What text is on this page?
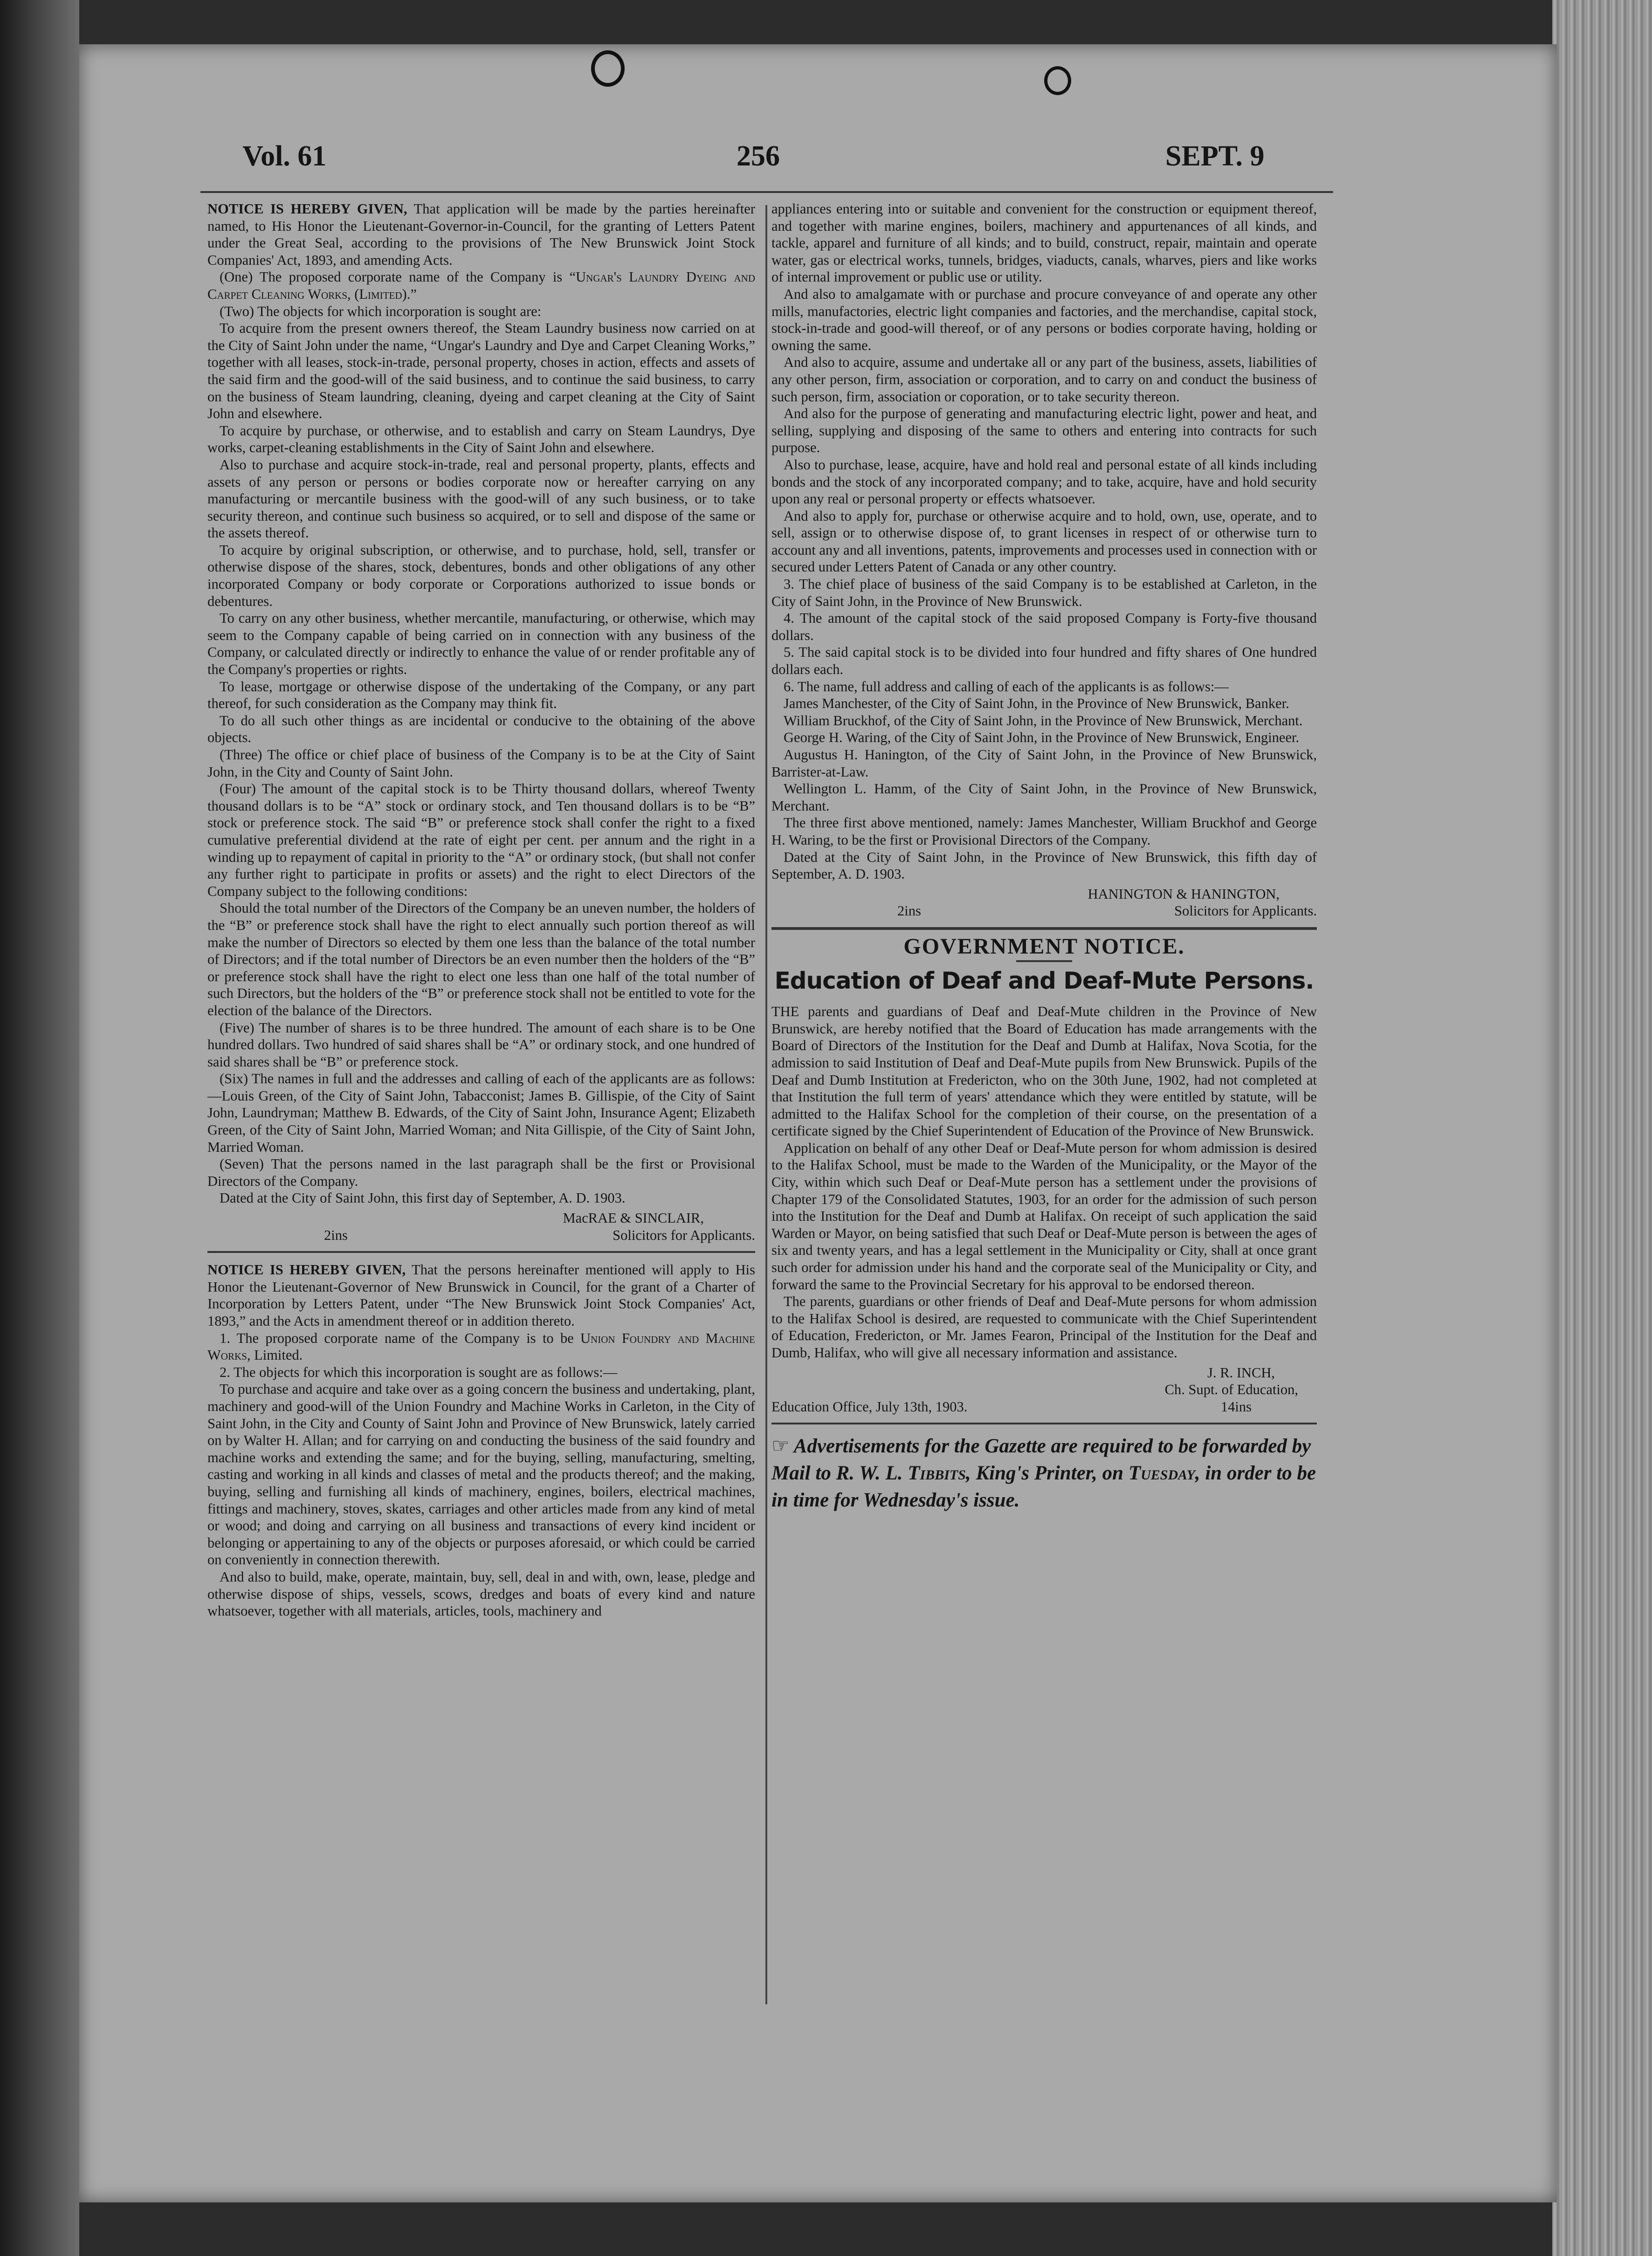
Vol. 61	256	SEPT. 9

NOTICE IS HEREBY GIVEN, That application will be made by the parties hereinafter named, to His Honor the Lieutenant-Governor-in-Council, for the granting of Letters Patent under the Great Seal, according to the provisions of The New Brunswick Joint Stock Companies' Act, 1893, and amending Acts.

(One) The proposed corporate name of the Company is “Ungar's Laundry Dyeing and Carpet Cleaning Works, (Limited).”

(Two) The objects for which incorporation is sought are:

To acquire from the present owners thereof, the Steam Laundry business now carried on at the City of Saint John under the name, “Ungar's Laundry and Dye and Carpet Cleaning Works,” together with all leases, stock-in-trade, personal property, choses in action, effects and assets of the said firm and the good-will of the said business, and to continue the said business, to carry on the business of Steam laundring, cleaning, dyeing and carpet cleaning at the City of Saint John and elsewhere.

To acquire by purchase, or otherwise, and to establish and carry on Steam Laundrys, Dye works, carpet-cleaning establishments in the City of Saint John and elsewhere.

Also to purchase and acquire stock-in-trade, real and personal property, plants, effects and assets of any person or persons or bodies corporate now or hereafter carrying on any manufacturing or mercantile business with the good-will of any such business, or to take security thereon, and continue such business so acquired, or to sell and dispose of the same or the assets thereof.

To acquire by original subscription, or otherwise, and to purchase, hold, sell, transfer or otherwise dispose of the shares, stock, debentures, bonds and other obligations of any other incorporated Company or body corporate or Corporations authorized to issue bonds or debentures.

To carry on any other business, whether mercantile, manufacturing, or otherwise, which may seem to the Company capable of being carried on in connection with any business of the Company, or calculated directly or indirectly to enhance the value of or render profitable any of the Company's properties or rights.

To lease, mortgage or otherwise dispose of the undertaking of the Company, or any part thereof, for such consideration as the Company may think fit.

To do all such other things as are incidental or conducive to the obtaining of the above objects.

(Three) The office or chief place of business of the Company is to be at the City of Saint John, in the City and County of Saint John.

(Four) The amount of the capital stock is to be Thirty thousand dollars, whereof Twenty thousand dollars is to be “A” stock or ordinary stock, and Ten thousand dollars is to be “B” stock or preference stock. The said “B” or preference stock shall confer the right to a fixed cumulative preferential dividend at the rate of eight per cent. per annum and the right in a winding up to repayment of capital in priority to the “A” or ordinary stock, (but shall not confer any further right to participate in profits or assets) and the right to elect Directors of the Company subject to the following conditions:

Should the total number of the Directors of the Company be an uneven number, the holders of the “B” or preference stock shall have the right to elect annually such portion thereof as will make the number of Directors so elected by them one less than the balance of the total number of Directors; and if the total number of Directors be an even number then the holders of the “B” or preference stock shall have the right to elect one less than one half of the total number of such Directors, but the holders of the “B” or preference stock shall not be entitled to vote for the election of the balance of the Directors.

(Five) The number of shares is to be three hundred. The amount of each share is to be One hundred dollars. Two hundred of said shares shall be “A” or ordinary stock, and one hundred of said shares shall be “B” or preference stock.

(Six) The names in full and the addresses and calling of each of the applicants are as follows:—Louis Green, of the City of Saint John, Tabacconist; James B. Gillispie, of the City of Saint John, Laundryman; Matthew B. Edwards, of the City of Saint John, Insurance Agent; Elizabeth Green, of the City of Saint John, Married Woman; and Nita Gillispie, of the City of Saint John, Married Woman.

(Seven) That the persons named in the last paragraph shall be the first or Provisional Directors of the Company.

Dated at the City of Saint John, this first day of September, A. D. 1903.

MacRAE & SINCLAIR,

2ins	Solicitors for Applicants.

NOTICE IS HEREBY GIVEN, That the persons hereinafter mentioned will apply to His Honor the Lieutenant-Governor of New Brunswick in Council, for the grant of a Charter of Incorporation by Letters Patent, under “The New Brunswick Joint Stock Companies' Act, 1893,” and the Acts in amendment thereof or in addition thereto.

1. The proposed corporate name of the Company is to be Union Foundry and Machine Works, Limited.

2. The objects for which this incorporation is sought are as follows:—

To purchase and acquire and take over as a going concern the business and undertaking, plant, machinery and good-will of the Union Foundry and Machine Works in Carleton, in the City of Saint John, in the City and County of Saint John and Province of New Brunswick, lately carried on by Walter H. Allan; and for carrying on and conducting the business of the said foundry and machine works and extending the same; and for the buying, selling, manufacturing, smelting, casting and working in all kinds and classes of metal and the products thereof; and the making, buying, selling and furnishing all kinds of machinery, engines, boilers, electrical machines, fittings and machinery, stoves, skates, carriages and other articles made from any kind of metal or wood; and doing and carrying on all business and transactions of every kind incident or belonging or appertaining to any of the objects or purposes aforesaid, or which could be carried on conveniently in connection therewith.

And also to build, make, operate, maintain, buy, sell, deal in and with, own, lease, pledge and otherwise dispose of ships, vessels, scows, dredges and boats of every kind and nature whatsoever, together with all materials, articles, tools, machinery and

appliances entering into or suitable and convenient for the construction or equipment thereof, and together with marine engines, boilers, machinery and appurtenances of all kinds, and tackle, apparel and furniture of all kinds; and to build, construct, repair, maintain and operate water, gas or electrical works, tunnels, bridges, viaducts, canals, wharves, piers and like works of internal improvement or public use or utility.

And also to amalgamate with or purchase and procure conveyance of and operate any other mills, manufactories, electric light companies and factories, and the merchandise, capital stock, stock-in-trade and good-will thereof, or of any persons or bodies corporate having, holding or owning the same.

And also to acquire, assume and undertake all or any part of the business, assets, liabilities of any other person, firm, association or corporation, and to carry on and conduct the business of such person, firm, association or coporation, or to take security thereon.

And also for the purpose of generating and manufacturing electric light, power and heat, and selling, supplying and disposing of the same to others and entering into contracts for such purpose.

Also to purchase, lease, acquire, have and hold real and personal estate of all kinds including bonds and the stock of any incorporated company; and to take, acquire, have and hold security upon any real or personal property or effects whatsoever.

And also to apply for, purchase or otherwise acquire and to hold, own, use, operate, and to sell, assign or to otherwise dispose of, to grant licenses in respect of or otherwise turn to account any and all inventions, patents, improvements and processes used in connection with or secured under Letters Patent of Canada or any other country.

3. The chief place of business of the said Company is to be established at Carleton, in the City of Saint John, in the Province of New Brunswick.

4. The amount of the capital stock of the said proposed Company is Forty-five thousand dollars.

5. The said capital stock is to be divided into four hundred and fifty shares of One hundred dollars each.

6. The name, full address and calling of each of the applicants is as follows:—

James Manchester, of the City of Saint John, in the Province of New Brunswick, Banker.

William Bruckhof, of the City of Saint John, in the Province of New Brunswick, Merchant.

George H. Waring, of the City of Saint John, in the Province of New Brunswick, Engineer.

Augustus H. Hanington, of the City of Saint John, in the Province of New Brunswick, Barrister-at-Law.

Wellington L. Hamm, of the City of Saint John, in the Province of New Brunswick, Merchant.

The three first above mentioned, namely: James Manchester, William Bruckhof and George H. Waring, to be the first or Provisional Directors of the Company.

Dated at the City of Saint John, in the Province of New Brunswick, this fifth day of September, A. D. 1903.

HANINGTON & HANINGTON,

2ins	Solicitors for Applicants.
GOVERNMENT NOTICE.
Education of Deaf and Deaf-Mute Persons.

THE parents and guardians of Deaf and Deaf-Mute children in the Province of New Brunswick, are hereby notified that the Board of Education has made arrangements with the Board of Directors of the Institution for the Deaf and Dumb at Halifax, Nova Scotia, for the admission to said Institution of Deaf and Deaf-Mute pupils from New Brunswick. Pupils of the Deaf and Dumb Institution at Fredericton, who on the 30th June, 1902, had not completed at that Institution the full term of years' attendance which they were entitled by statute, will be admitted to the Halifax School for the completion of their course, on the presentation of a certificate signed by the Chief Superintendent of Education of the Province of New Brunswick.

Application on behalf of any other Deaf or Deaf-Mute person for whom admission is desired to the Halifax School, must be made to the Warden of the Municipality, or the Mayor of the City, within which such Deaf or Deaf-Mute person has a settlement under the provisions of Chapter 179 of the Consolidated Statutes, 1903, for an order for the admission of such person into the Institution for the Deaf and Dumb at Halifax. On receipt of such application the said Warden or Mayor, on being satisfied that such Deaf or Deaf-Mute person is between the ages of six and twenty years, and has a legal settlement in the Municipality or City, shall at once grant such order for admission under his hand and the corporate seal of the Municipality or City, and forward the same to the Provincial Secretary for his approval to be endorsed thereon.

The parents, guardians or other friends of Deaf and Deaf-Mute persons for whom admission to the Halifax School is desired, are requested to communicate with the Chief Superintendent of Education, Fredericton, or Mr. James Fearon, Principal of the Institution for the Deaf and Dumb, Halifax, who will give all necessary information and assistance.

J. R. INCH,

Ch. Supt. of Education,

Education Office, July 13th, 1903.	14ins

☞ Advertisements for the Gazette are required to be forwarded by Mail to R. W. L. Tibbits, King's Printer, on Tuesday, in order to be in time for Wednesday's issue.
